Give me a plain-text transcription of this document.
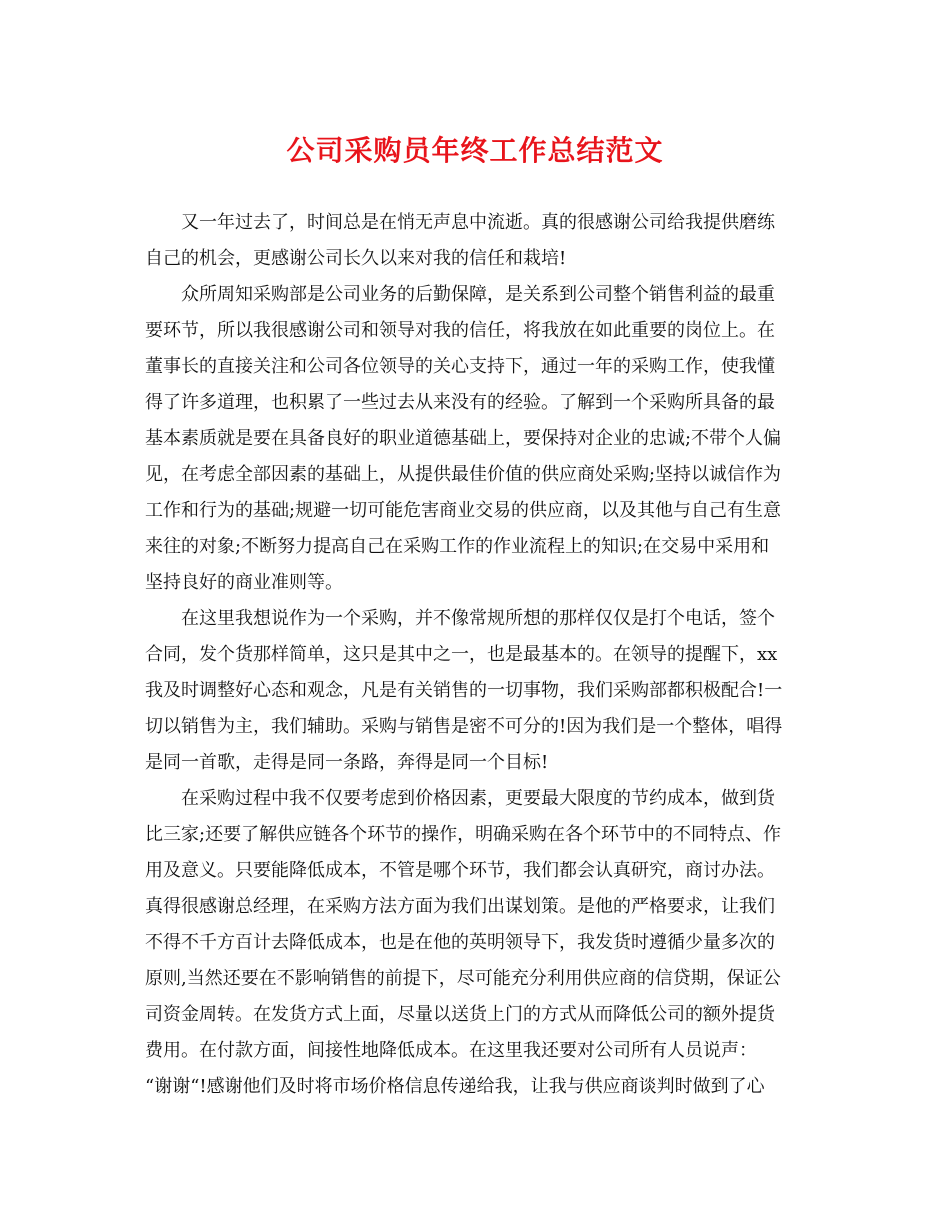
公司采购员年终工作总结范文
又一年过去了，时间总是在悄无声息中流逝。真的很感谢公司给我提供磨练
自己的机会，更感谢公司长久以来对我的信任和栽培!
众所周知采购部是公司业务的后勤保障，是关系到公司整个销售利益的最重
要环节，所以我很感谢公司和领导对我的信任，将我放在如此重要的岗位上。在
董事长的直接关注和公司各位领导的关心支持下，通过一年的采购工作，使我懂
得了许多道理，也积累了一些过去从来没有的经验。了解到一个采购所具备的最
基本素质就是要在具备良好的职业道德基础上，要保持对企业的忠诚;不带个人偏
见，在考虑全部因素的基础上，从提供最佳价值的供应商处采购;坚持以诚信作为
工作和行为的基础;规避一切可能危害商业交易的供应商，以及其他与自己有生意
来往的对象;不断努力提高自己在采购工作的作业流程上的知识;在交易中采用和
坚持良好的商业准则等。
在这里我想说作为一个采购，并不像常规所想的那样仅仅是打个电话，签个
合同，发个货那样简单，这只是其中之一，也是最基本的。在领导的提醒下，xx
我及时调整好心态和观念，凡是有关销售的一切事物，我们采购部都积极配合!一
切以销售为主，我们辅助。采购与销售是密不可分的!因为我们是一个整体，唱得
是同一首歌，走得是同一条路，奔得是同一个目标!
在采购过程中我不仅要考虑到价格因素，更要最大限度的节约成本，做到货
比三家;还要了解供应链各个环节的操作，明确采购在各个环节中的不同特点、作
用及意义。只要能降低成本，不管是哪个环节，我们都会认真研究，商讨办法。
真得很感谢总经理，在采购方法方面为我们出谋划策。是他的严格要求，让我们
不得不千方百计去降低成本，也是在他的英明领导下，我发货时遵循少量多次的
原则,当然还要在不影响销售的前提下，尽可能充分利用供应商的信贷期，保证公
司资金周转。在发货方式上面，尽量以送货上门的方式从而降低公司的额外提货
费用。在付款方面，间接性地降低成本。在这里我还要对公司所有人员说声：
“谢谢“!感谢他们及时将市场价格信息传递给我，让我与供应商谈判时做到了心
